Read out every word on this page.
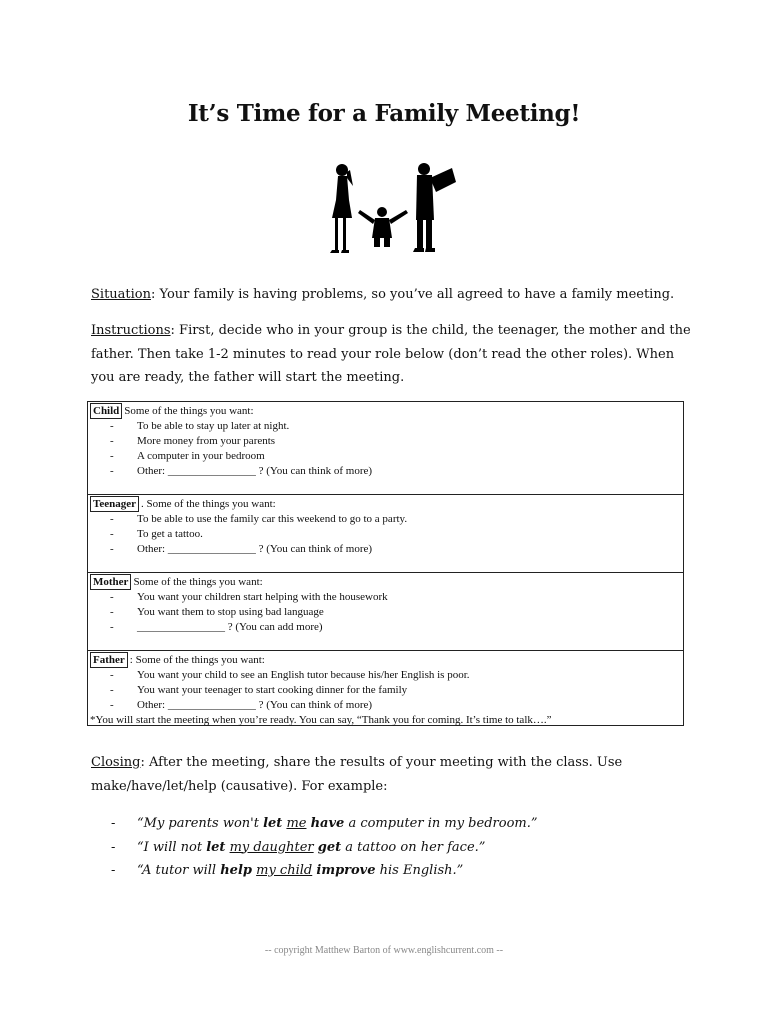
It’s Time for a Family Meeting!
Situation: Your family is having problems, so you’ve all agreed to have a family meeting.
Instructions: First, decide who in your group is the child, the teenager, the mother and the father. Then take 1-2 minutes to read your role below (don’t read the other roles). When you are ready, the father will start the meeting.
Child Some of the things you want:
- To be able to stay up later at night.
- More money from your parents
- A computer in your bedroom
- Other: ________________ ? (You can think of more)
Teenager . Some of the things you want:
- To be able to use the family car this weekend to go to a party.
- To get a tattoo.
- Other: ________________ ? (You can think of more)
Mother Some of the things you want:
- You want your children start helping with the housework
- You want them to stop using bad language
- ________________ ? (You can add more)
Father : Some of the things you want:
- You want your child to see an English tutor because his/her English is poor.
- You want your teenager to start cooking dinner for the family
- Other: ________________ ? (You can think of more)
*You will start the meeting when you’re ready. You can say, “Thank you for coming. It’s time to talk….”
Closing: After the meeting, share the results of your meeting with the class. Use make/have/let/help (causative). For example:
- “My parents won't let me have a computer in my bedroom.”
- “I will not let my daughter get a tattoo on her face.”
- “A tutor will help my child improve his English.”
-- copyright Matthew Barton of www.englishcurrent.com --
